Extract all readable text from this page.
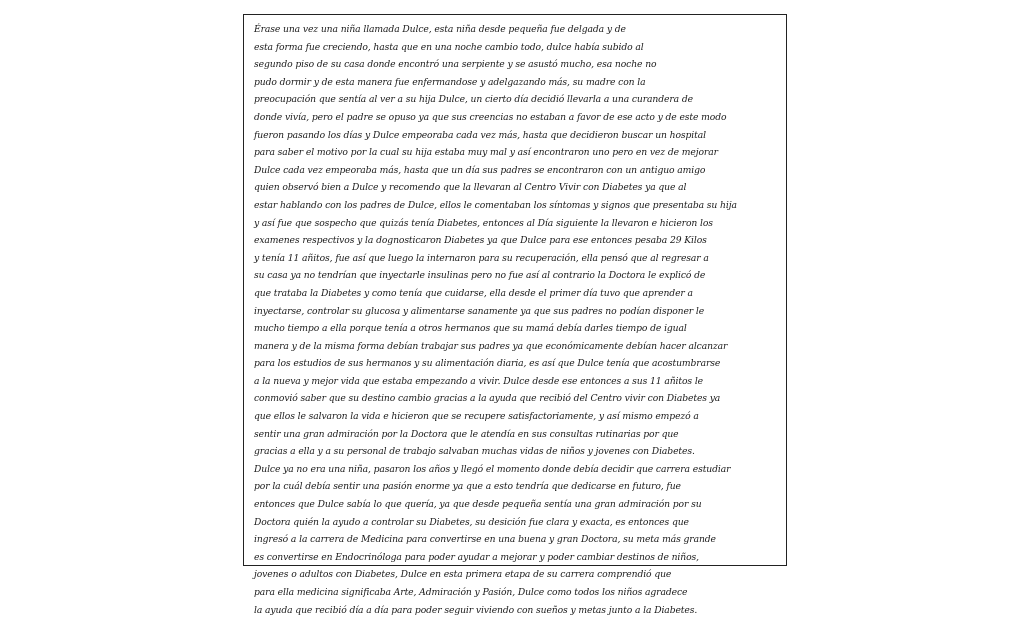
Érase una vez una niña llamada Dulce, esta niña desde pequeña fue delgada y de
esta forma fue creciendo, hasta que en una noche cambio todo, dulce había subido al
segundo piso de su casa donde encontró una serpiente y se asustó mucho, esa noche no
pudo dormir y de esta manera fue enfermandose y adelgazando más, su madre con la
preocupación que sentía al ver a su hija Dulce, un cierto día decidió llevarla a una curandera de
donde vivía, pero el padre se opuso ya que sus creencias no estaban a favor de ese acto y de este modo
fueron pasando los días y Dulce empeoraba cada vez más, hasta que decidieron buscar un hospital
para saber el motivo por la cual su hija estaba muy mal y así encontraron uno pero en vez de mejorar
Dulce cada vez empeoraba más, hasta que un día sus padres se encontraron con un antiguo amigo
quien observó bien a Dulce y recomendo que la llevaran al Centro Vivir con Diabetes ya que al
estar hablando con los padres de Dulce, ellos le comentaban los síntomas y signos que presentaba su hija
y así fue que sospecho que quizás tenía Diabetes, entonces al Día siguiente la llevaron e hicieron los
examenes respectivos y la dognosticaron Diabetes ya que Dulce para ese entonces pesaba 29 Kilos
y tenía 11 añitos, fue así que luego la internaron para su recuperación, ella pensó que al regresar a
su casa ya no tendrían que inyectarle insulinas pero no fue así al contrario la Doctora le explicó de
que trataba la Diabetes y como tenía que cuidarse, ella desde el primer día tuvo que aprender a
inyectarse, controlar su glucosa y alimentarse sanamente ya que sus padres no podían disponer le
mucho tiempo a ella porque tenía a otros hermanos que su mamá debía darles tiempo de igual
manera y de la misma forma debían trabajar sus padres ya que económicamente debían hacer alcanzar
para los estudios de sus hermanos y su alimentación diaria, es así que Dulce tenía que acostumbrarse
a la nueva y mejor vida que estaba empezando a vivir. Dulce desde ese entonces a sus 11 añitos le
conmovió saber que su destino cambio gracias a la ayuda que recibió del Centro vivir con Diabetes ya
que ellos le salvaron la vida e hicieron que se recupere satisfactoriamente, y así mismo empezó a
sentir una gran admiración por la Doctora que le atendía en sus consultas rutinarias por que
gracias a ella y a su personal de trabajo salvaban muchas vidas de niños y jovenes con Diabetes.
Dulce ya no era una niña, pasaron los años y llegó el momento donde debía decidir que carrera estudiar
por la cuál debía sentir una pasión enorme ya que a esto tendría que dedicarse en futuro, fue
entonces que Dulce sabía lo que quería, ya que desde pequeña sentía una gran admiración por su
Doctora quién la ayudo a controlar su Diabetes, su desición fue clara y exacta, es entonces que
ingresó a la carrera de Medicina para convertirse en una buena y gran Doctora, su meta más grande
es convertirse en Endocrinóloga para poder ayudar a mejorar y poder cambiar destinos de niños,
jovenes o adultos con Diabetes, Dulce en esta primera etapa de su carrera comprendió que
para ella medicina significaba Arte, Admiración y Pasión, Dulce como todos los niños agradece
la ayuda que recibió día a día para poder seguir viviendo con sueños y metas junto a la Diabetes.
